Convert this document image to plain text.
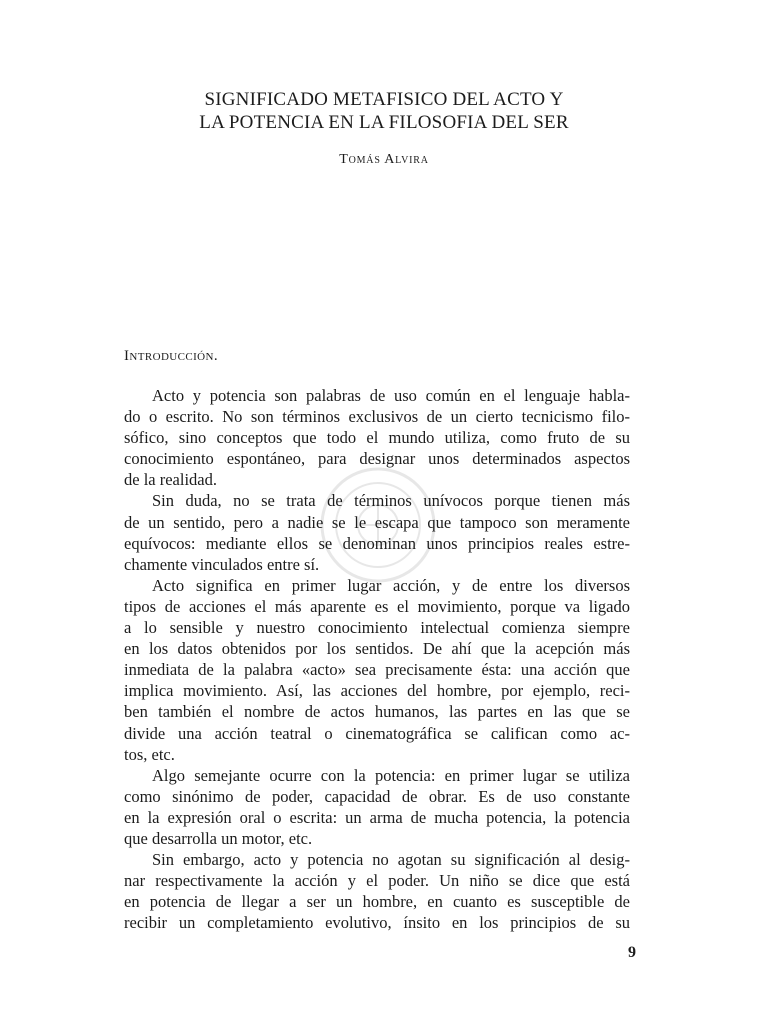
SIGNIFICADO METAFISICO DEL ACTO Y
LA POTENCIA EN LA FILOSOFIA DEL SER
Tomás Alvira
Introducción.
Acto y potencia son palabras de uso común en el lenguaje habla-
do o escrito. No son términos exclusivos de un cierto tecnicismo filo-
sófico, sino conceptos que todo el mundo utiliza, como fruto de su
conocimiento espontáneo, para designar unos determinados aspectos
de la realidad.
Sin duda, no se trata de términos unívocos porque tienen más
de un sentido, pero a nadie se le escapa que tampoco son meramente
equívocos: mediante ellos se denominan unos principios reales estre-
chamente vinculados entre sí.
Acto significa en primer lugar acción, y de entre los diversos
tipos de acciones el más aparente es el movimiento, porque va ligado
a lo sensible y nuestro conocimiento intelectual comienza siempre
en los datos obtenidos por los sentidos. De ahí que la acepción más
inmediata de la palabra «acto» sea precisamente ésta: una acción que
implica movimiento. Así, las acciones del hombre, por ejemplo, reci-
ben también el nombre de actos humanos, las partes en las que se
divide una acción teatral o cinematográfica se califican como ac-
tos, etc.
Algo semejante ocurre con la potencia: en primer lugar se utiliza
como sinónimo de poder, capacidad de obrar. Es de uso constante
en la expresión oral o escrita: un arma de mucha potencia, la potencia
que desarrolla un motor, etc.
Sin embargo, acto y potencia no agotan su significación al desig-
nar respectivamente la acción y el poder. Un niño se dice que está
en potencia de llegar a ser un hombre, en cuanto es susceptible de
recibir un completamiento evolutivo, ínsito en los principios de su
9
